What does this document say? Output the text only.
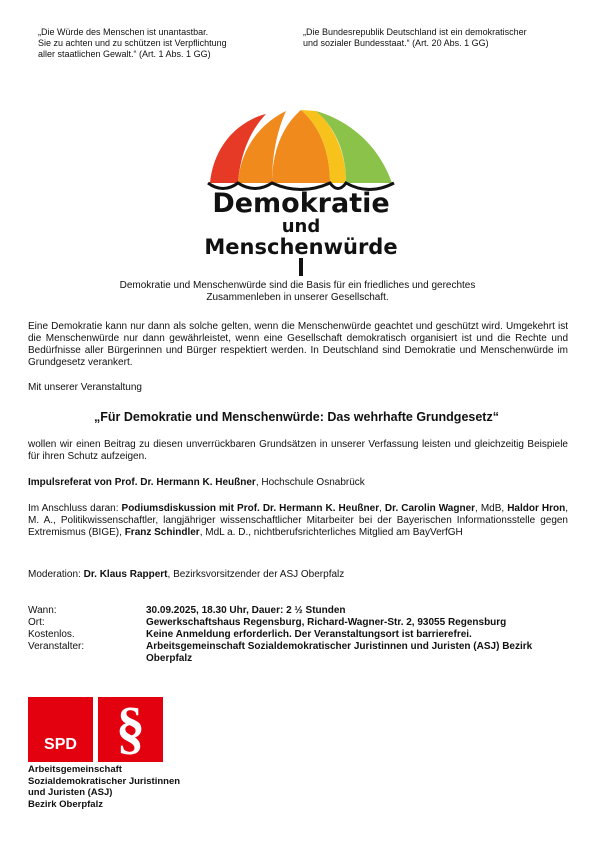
„Die Würde des Menschen ist unantastbar.
Sie zu achten und zu schützen ist Verpflichtung
aller staatlichen Gewalt.“ (Art. 1 Abs. 1 GG)
„Die Bundesrepublik Deutschland ist ein demokratischer
und sozialer Bundesstaat.“ (Art. 20 Abs. 1 GG)
Demokratie
und
Menschenwürde
Demokratie und Menschenwürde sind die Basis für ein friedliches und gerechtes
Zusammenleben in unserer Gesellschaft.
Eine Demokratie kann nur dann als solche gelten, wenn die Menschenwürde geachtet und geschützt wird. Umgekehrt ist die Menschenwürde nur dann gewährleistet, wenn eine Gesellschaft demokratisch organisiert ist und die Rechte und Bedürfnisse aller Bürgerinnen und Bürger respektiert werden. In Deutschland sind Demokratie und Menschenwürde im Grundgesetz verankert.
Mit unserer Veranstaltung
„Für Demokratie und Menschenwürde: Das wehrhafte Grundgesetz“
wollen wir einen Beitrag zu diesen unverrückbaren Grundsätzen in unserer Verfassung leisten und gleichzeitig Beispiele für ihren Schutz aufzeigen.
Impulsreferat von Prof. Dr. Hermann K. Heußner, Hochschule Osnabrück
Im Anschluss daran: Podiumsdiskussion mit Prof. Dr. Hermann K. Heußner, Dr. Carolin Wagner, MdB, Haldor Hron, M. A., Politikwissenschaftler, langjähriger wissenschaftlicher Mitarbeiter bei der Bayerischen Informationsstelle gegen Extremismus (BIGE), Franz Schindler, MdL a. D., nichtberufsrichterliches Mitglied am BayVerfGH
Moderation: Dr. Klaus Rappert, Bezirksvorsitzender der ASJ Oberpfalz
Wann:	30.09.2025, 18.30 Uhr, Dauer: 2 ½ Stunden
Ort:	Gewerkschaftshaus Regensburg, Richard-Wagner-Str. 2, 93055 Regensburg
Kostenlos.	Keine Anmeldung erforderlich. Der Veranstaltungsort ist barrierefrei.
Veranstalter:	Arbeitsgemeinschaft Sozialdemokratischer Juristinnen und Juristen (ASJ) Bezirk Oberpfalz
SPD §
Arbeitsgemeinschaft
Sozialdemokratischer Juristinnen
und Juristen (ASJ)
Bezirk Oberpfalz
